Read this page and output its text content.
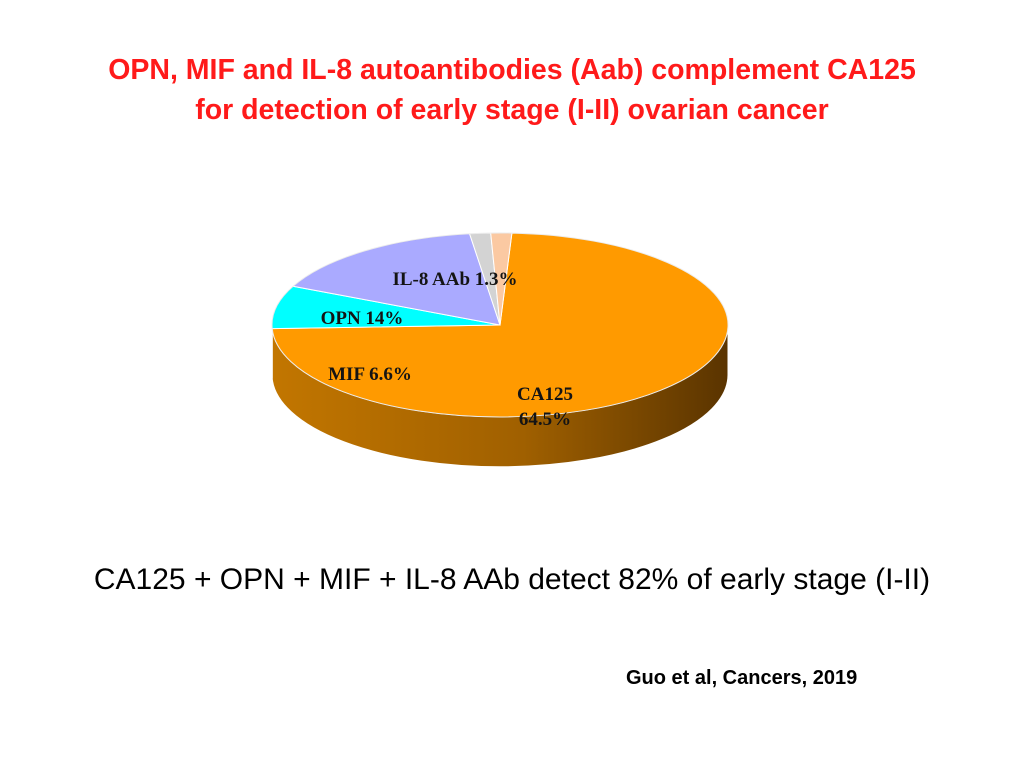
OPN, MIF and IL-8 autoantibodies (Aab) complement CA125
for detection of early stage (I-II) ovarian cancer
CA125
64.5%
MIF 6.6%
OPN 14%
IL-8 AAb 1.3%
CA125 + OPN + MIF + IL-8 AAb detect 82% of early stage (I-II)
Guo et al, Cancers, 2019
